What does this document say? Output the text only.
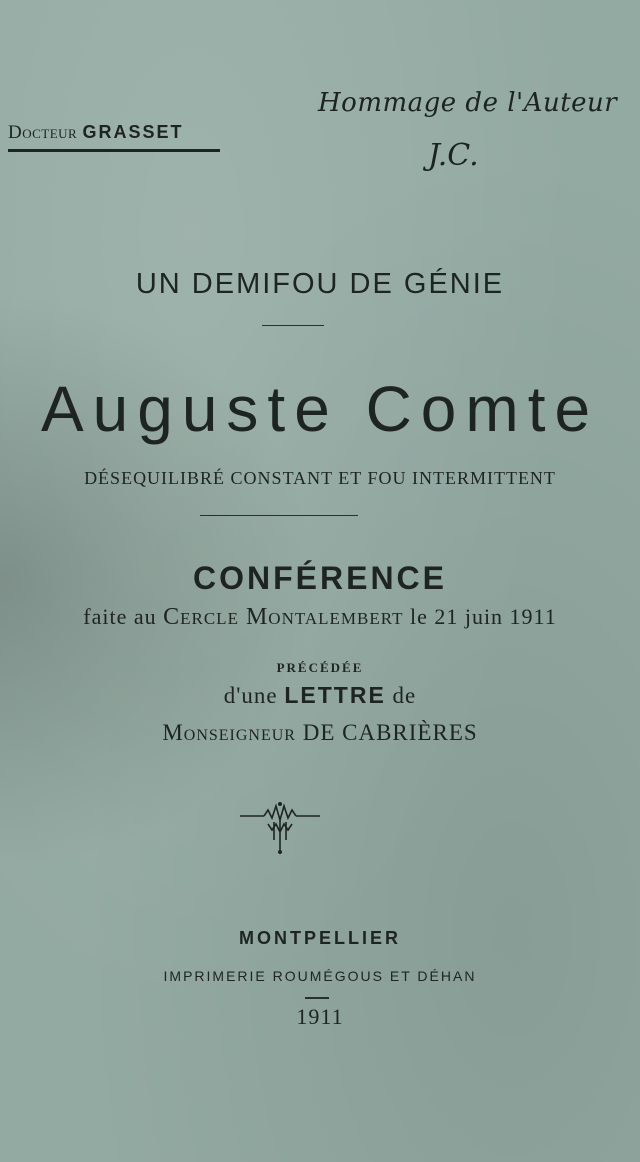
Hommage de l'Auteur
J.C.
Docteur GRASSET
UN DEMIFOU DE GÉNIE
Auguste Comte
DÉSEQUILIBRÉ CONSTANT ET FOU INTERMITTENT
CONFÉRENCE
faite au Cercle Montalembert le 21 juin 1911
PRÉCÉDÉE
d'une LETTRE de
Monseigneur DE CABRIÈRES
MONTPELLIER
IMPRIMERIE ROUMÉGOUS ET DÉHAN
1911
